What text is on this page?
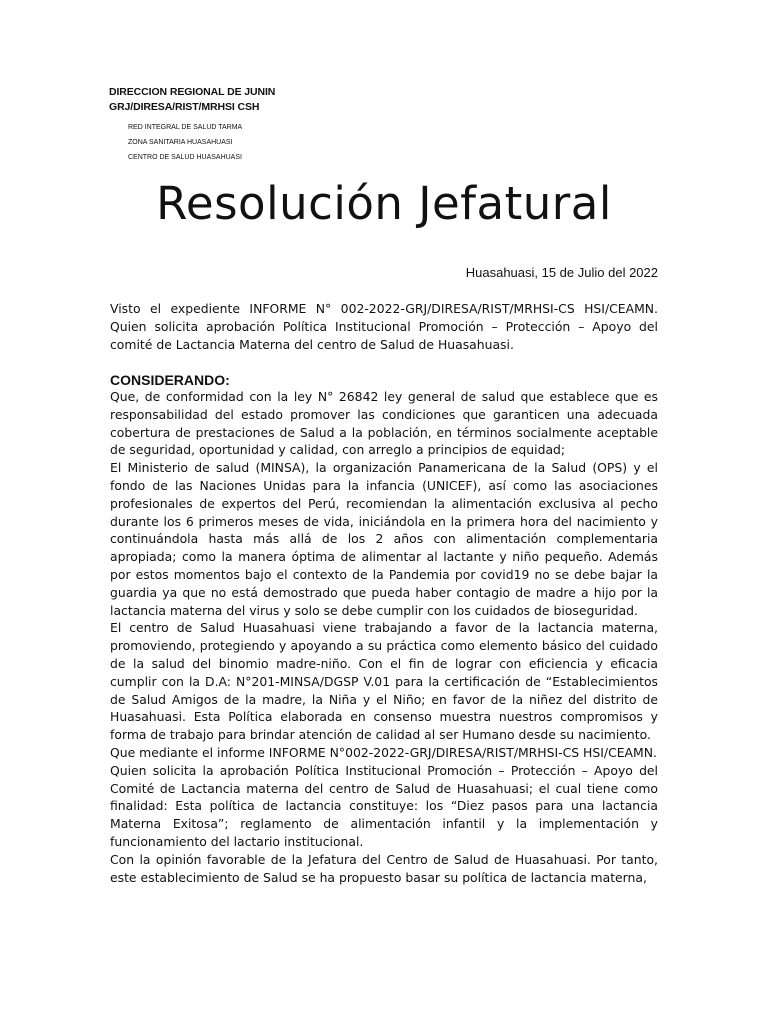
DIRECCION REGIONAL DE JUNIN
GRJ/DIRESA/RIST/MRHSI CSH
RED INTEGRAL DE SALUD TARMA
ZONA SANITARIA HUASAHUASI
CENTRO DE SALUD HUASAHUASI
Resolución Jefatural
Huasahuasi, 15 de Julio del 2022

Visto el expediente INFORME N° 002-2022-GRJ/DIRESA/RIST/MRHSI-CS HSI/CEAMN. Quien solicita aprobación Política Institucional Promoción – Protección – Apoyo del comité de Lactancia Materna del centro de Salud de Huasahuasi.

CONSIDERANDO:

Que, de conformidad con la ley N° 26842 ley general de salud que establece que es responsabilidad del estado promover las condiciones que garanticen una adecuada cobertura de prestaciones de Salud a la población, en términos socialmente aceptable de seguridad, oportunidad y calidad, con arreglo a principios de equidad;

El Ministerio de salud (MINSA), la organización Panamericana de la Salud (OPS) y el fondo de las Naciones Unidas para la infancia (UNICEF), así como las asociaciones profesionales de expertos del Perú, recomiendan la alimentación exclusiva al pecho durante los 6 primeros meses de vida, iniciándola en la primera hora del nacimiento y continuándola hasta más allá de los 2 años con alimentación complementaria apropiada; como la manera óptima de alimentar al lactante y niño pequeño. Además por estos momentos bajo el contexto de la Pandemia por covid19 no se debe bajar la guardia ya que no está demostrado que pueda haber contagio de madre a hijo por la lactancia materna del virus y solo se debe cumplir con los cuidados de bioseguridad.

El centro de Salud Huasahuasi viene trabajando a favor de la lactancia materna, promoviendo, protegiendo y apoyando a su práctica como elemento básico del cuidado de la salud del binomio madre-niño. Con el fin de lograr con eficiencia y eficacia cumplir con la D.A: N°201-MINSA/DGSP V.01 para la certificación de “Establecimientos de Salud Amigos de la madre, la Niña y el Niño; en favor de la niñez del distrito de Huasahuasi. Esta Política elaborada en consenso muestra nuestros compromisos y forma de trabajo para brindar atención de calidad al ser Humano desde su nacimiento.

Que mediante el informe INFORME N°002-2022-GRJ/DIRESA/RIST/MRHSI-CS HSI/CEAMN.

Quien solicita la aprobación Política Institucional Promoción – Protección – Apoyo del Comité de Lactancia materna del centro de Salud de Huasahuasi; el cual tiene como finalidad: Esta política de lactancia constituye: los “Diez pasos para una lactancia Materna Exitosa”; reglamento de alimentación infantil y la implementación y funcionamiento del lactario institucional.

Con la opinión favorable de la Jefatura del Centro de Salud de Huasahuasi. Por tanto, este establecimiento de Salud se ha propuesto basar su política de lactancia materna,
